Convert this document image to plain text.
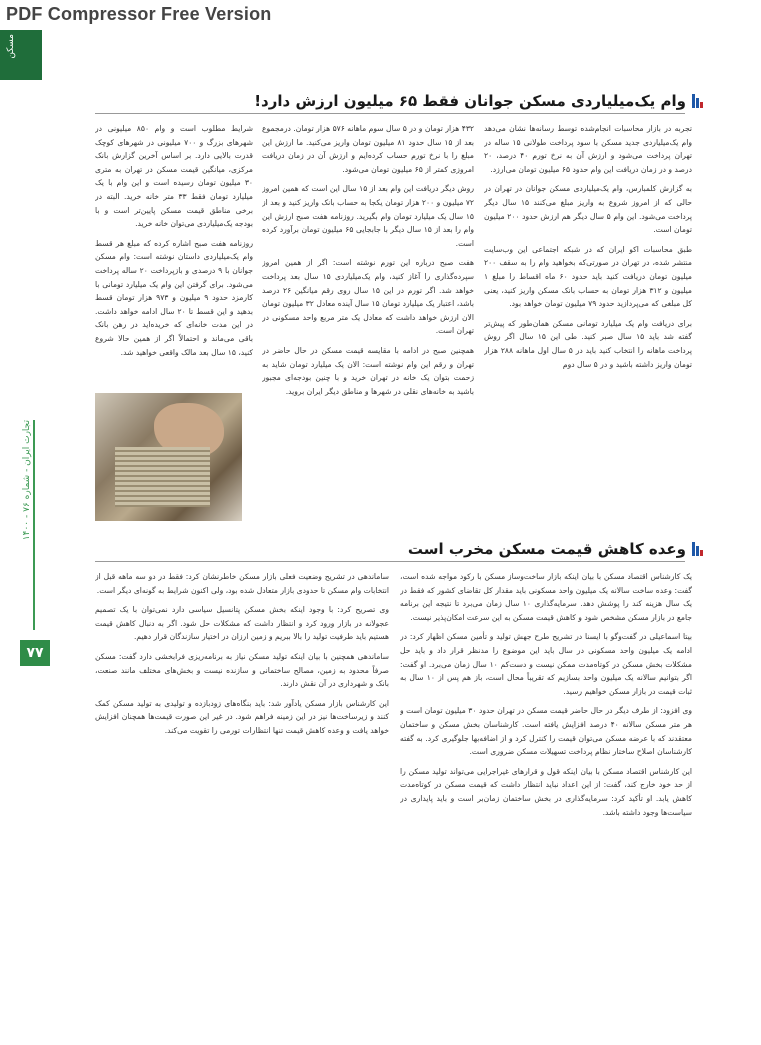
PDF Compressor Free Version
مسکن
تجارت ایران - شماره ۷۶ - ۱۴۰۰
۷۷
وام یک‌میلیاردی مسکن جوانان فقط ۶۵ میلیون ارزش دارد!

تجربه در بازار محاسبات انجام‌شده توسط رسانه‌ها نشان می‌دهد وام یک‌میلیاردی جدید مسکن با سود پرداخت طولانی ۱۵ ساله در تهران پرداخت می‌شود و ارزش آن به نرخ تورم ۴۰ درصد، ۲۰ درصد و در زمان دریافت این وام حدود ۶۵ میلیون تومان می‌ارزد.

به گزارش کلمبارس، وام یک‌میلیاردی مسکن جوانان در تهران در حالی که از امروز شروع به واریز مبلغ می‌کنند ۱۵ سال دیگر پرداخت می‌شود. این وام ۵ سال دیگر هم ارزش حدود ۲۰۰ میلیون تومان است.

طبق محاسبات اکو ایران که در شبکه اجتماعی این وب‌سایت منتشر شده، در تهران در صورتی‌که بخواهید وام را به سقف ۲۰۰ میلیون تومان دریافت کنید باید حدود ۶۰ ماه اقساط را مبلغ ۱ میلیون و ۳۱۲ هزار تومان به حساب بانک مسکن واریز کنید، یعنی کل مبلغی که می‌پردازید حدود ۷۹ میلیون تومان خواهد بود.

برای دریافت وام یک میلیارد تومانی مسکن همان‌طور که پیش‌تر گفته شد باید ۱۵ سال صبر کنید. طی این ۱۵ سال اگر روش پرداخت ماهانه را انتخاب کنید باید در ۵ سال اول ماهانه ۲۸۸ هزار تومان واریز داشته باشید و در ۵ سال دوم

۴۳۲ هزار تومان و در ۵ سال سوم ماهانه ۵۷۶ هزار تومان. درمجموع بعد از ۱۵ سال حدود ۸۱ میلیون تومان واریز می‌کنید. ما ارزش این مبلغ را با نرخ تورم حساب کرده‌ایم و ارزش آن در زمان دریافت امروزی کمتر از ۶۵ میلیون تومان می‌شود.

روش دیگر دریافت این وام بعد از ۱۵ سال این است که همین امروز ۷۲ میلیون و ۲۰۰ هزار تومان یکجا به حساب بانک واریز کنید و بعد از ۱۵ سال یک میلیارد تومان وام بگیرید. روزنامه هفت صبح ارزش این وام را بعد از ۱۵ سال دیگر با جابجایی ۶۵ میلیون تومان برآورد کرده است.

هفت صبح درباره این تورم نوشته است: اگر از همین امروز سپرده‌گذاری را آغاز کنید، وام یک‌میلیاردی ۱۵ سال بعد پرداخت خواهد شد. اگر تورم در این ۱۵ سال روی رقم میانگین ۲۶ درصد باشد، اعتبار یک میلیارد تومان ۱۵ سال آینده معادل ۳۲ میلیون تومان الان ارزش خواهد داشت که معادل یک متر مربع واحد مسکونی در تهران است.

همچنین صبح در ادامه با مقایسه قیمت مسکن در حال حاضر در تهران و رقم این وام نوشته است: الان یک میلیارد تومان شاید به زحمت بتوان یک خانه در تهران خرید و با چنین بودجه‌ای مجبور باشید به خانه‌های نقلی در شهرها و مناطق دیگر ایران بروید.

شرایط مطلوب است و وام ۸۵۰ میلیونی در شهرهای بزرگ و ۷۰۰ میلیونی در شهرهای کوچک قدرت بالایی دارد. بر اساس آخرین گزارش بانک مرکزی، میانگین قیمت مسکن در تهران به متری ۳۰ میلیون تومان رسیده است و این وام با یک میلیارد تومان فقط ۳۳ متر خانه خرید. البته در برخی مناطق قیمت مسکن پایین‌تر است و با بودجه یک‌میلیاردی می‌توان خانه خرید.

روزنامه هفت صبح اشاره کرده که مبلغ هر قسط وام یک‌میلیاردی داستان نوشته است: وام مسکن جوانان با ۹ درصدی و بازپرداخت ۲۰ ساله پرداخت می‌شود. برای گرفتن این وام یک میلیارد تومانی با کارمزد حدود ۹ میلیون و ۹۷۳ هزار تومان قسط بدهید و این قسط تا ۲۰ سال ادامه خواهد داشت. در این مدت خانه‌ای که خریده‌اید در رهن بانک باقی می‌ماند و احتمالاً اگر از همین حالا شروع کنید، ۱۵ سال بعد مالک واقعی خواهید شد.

وعده کاهش قیمت مسکن مخرب است

یک کارشناس اقتصاد مسکن با بیان اینکه بازار ساخت‌وساز مسکن با رکود مواجه شده است، گفت: وعده ساخت سالانه یک میلیون واحد مسکونی باید مقدار کل تقاضای کشور که فقط در یک سال هزینه کند را پوشش دهد. سرمایه‌گذاری ۱۰ سال زمان می‌برد تا نتیجه این برنامه جامع در بازار مسکن مشخص شود و کاهش قیمت مسکن به این سرعت امکان‌پذیر نیست.

بیتا اسماعیلی در گفت‌وگو با ایسنا در تشریح طرح جهش تولید و تأمین مسکن اظهار کرد: در ادامه یک میلیون واحد مسکونی در سال باید این موضوع را مدنظر قرار داد و باید حل مشکلات بخش مسکن در کوتاه‌مدت ممکن نیست و دست‌کم ۱۰ سال زمان می‌برد. او گفت: اگر بتوانیم سالانه یک میلیون واحد بسازیم که تقریباً محال است، باز هم پس از ۱۰ سال به ثبات قیمت در بازار مسکن خواهیم رسید.

وی افزود: از طرف دیگر در حال حاضر قیمت مسکن در تهران حدود ۳۰ میلیون تومان است و هر متر مسکن سالانه ۴۰ درصد افزایش یافته است. کارشناسان بخش مسکن و ساختمان معتقدند که با عرضه مسکن می‌توان قیمت را کنترل کرد و از اضافه‌بها جلوگیری کرد. به گفته کارشناسان اصلاح ساختار نظام پرداخت تسهیلات مسکن ضروری است.

این کارشناس اقتصاد مسکن با بیان اینکه قول و قرارهای غیراجرایی می‌تواند تولید مسکن را از حد خود خارج کند، گفت: از این اعداد نباید انتظار داشت که قیمت مسکن در کوتاه‌مدت کاهش یابد. او تأکید کرد: سرمایه‌گذاری در بخش ساختمان زمان‌بر است و باید پایداری در سیاست‌ها وجود داشته باشد.

ساماندهی در تشریح وضعیت فعلی بازار مسکن خاطرنشان کرد: فقط در دو سه ماهه قبل از انتخابات وام مسکن تا حدودی بازار متعادل شده بود، ولی اکنون شرایط به گونه‌ای دیگر است.

وی تصریح کرد: با وجود اینکه بخش مسکن پتانسیل سیاسی دارد نمی‌توان با یک تصمیم عجولانه در بازار ورود کرد و انتظار داشت که مشکلات حل شود. اگر به دنبال کاهش قیمت هستیم باید طرفیت تولید را بالا ببریم و زمین ارزان در اختیار سازندگان قرار دهیم.

ساماندهی همچنین با بیان اینکه تولید مسکن نیاز به برنامه‌ریزی فرابخشی دارد گفت: مسکن صرفاً محدود به زمین، مصالح ساختمانی و سازنده نیست و بخش‌های مختلف مانند صنعت، بانک و شهرداری در آن نقش دارند.

این کارشناس بازار مسکن یادآور شد: باید بنگاه‌های زودبازده و تولیدی به تولید مسکن کمک کنند و زیرساخت‌ها نیز در این زمینه فراهم شود. در غیر این صورت قیمت‌ها همچنان افزایش خواهد یافت و وعده کاهش قیمت تنها انتظارات تورمی را تقویت می‌کند.
